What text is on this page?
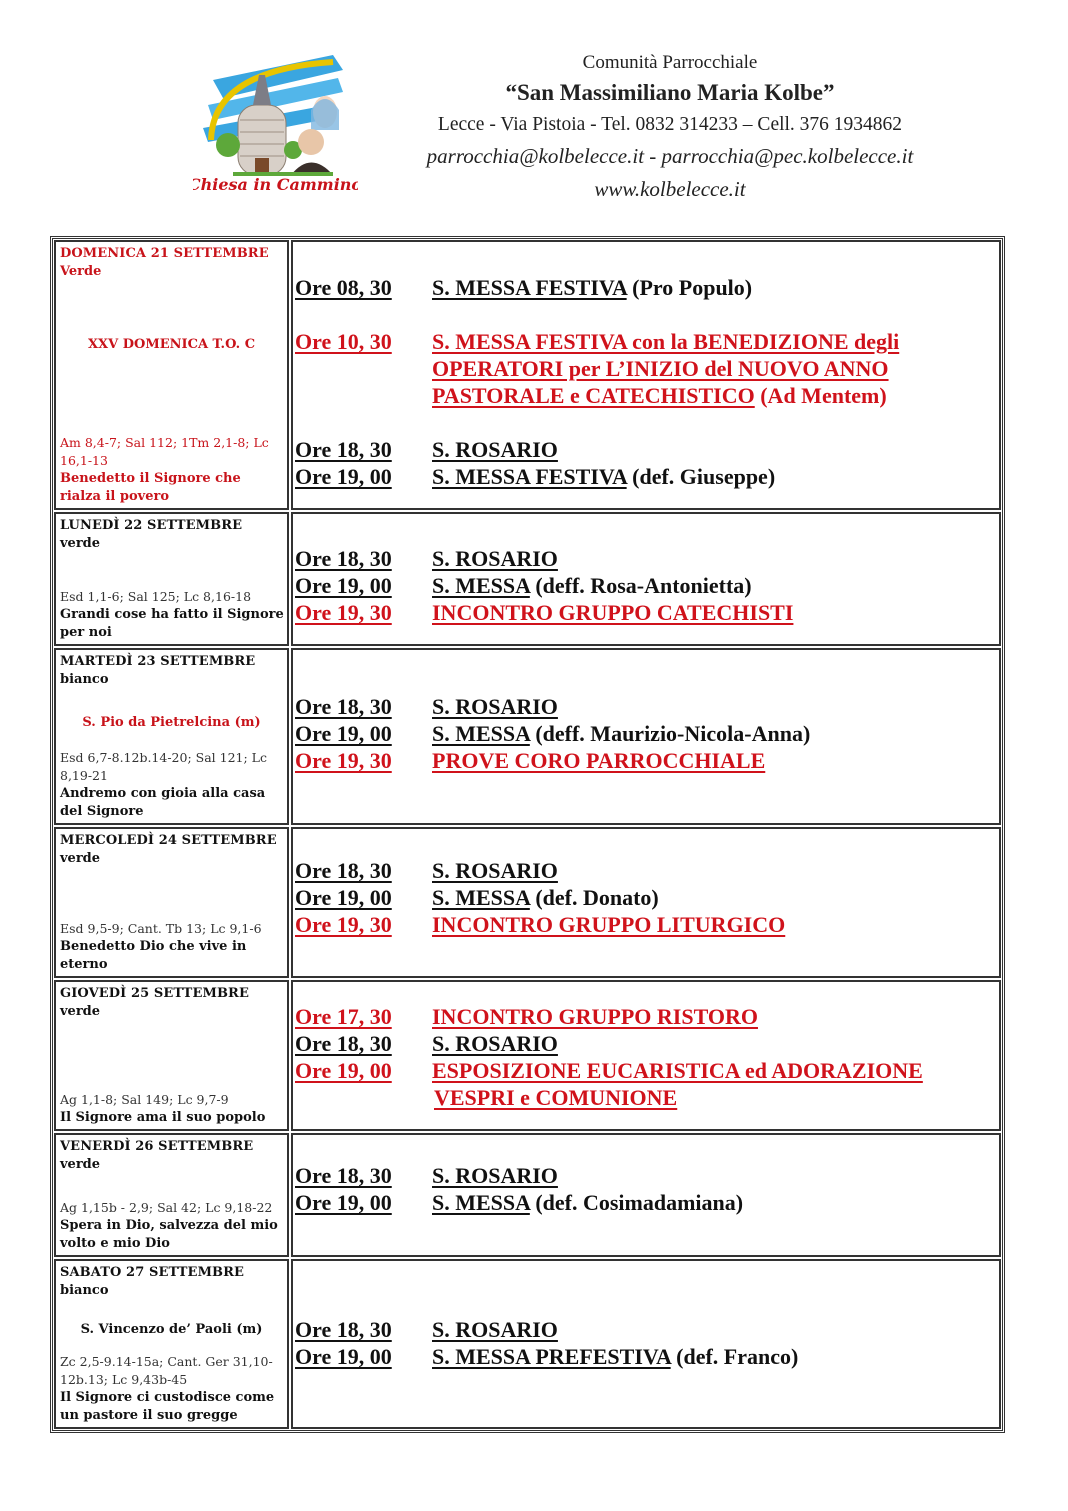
Chiesa in Cammino
Comunità Parrocchiale
“San Massimiliano Maria Kolbe”
Lecce - Via Pistoia - Tel. 0832 314233 – Cell. 376 1934862
parrocchia@kolbelecce.it - parrocchia@pec.kolbelecce.it
www.kolbelecce.it
DOMENICA 21 SETTEMBRE
Verde
XXV DOMENICA T.O. C
Am 8,4-7; Sal 112; 1Tm 2,1-8; Lc 16,1-13
Benedetto il Signore che rialza il povero
Ore 08, 30	S. MESSA FESTIVA (Pro Populo)
Ore 10, 30	S. MESSA FESTIVA con la BENEDIZIONE degli OPERATORI per L’INIZIO del NUOVO ANNO PASTORALE e CATECHISTICO (Ad Mentem)
Ore 18, 30	S. ROSARIO
Ore 19, 00	S. MESSA FESTIVA (def. Giuseppe)
LUNEDÌ 22 SETTEMBRE
verde
Esd 1,1-6; Sal 125; Lc 8,16-18
Grandi cose ha fatto il Signore per noi
Ore 18, 30	S. ROSARIO
Ore 19, 00	S. MESSA (deff. Rosa-Antonietta)
Ore 19, 30	INCONTRO GRUPPO CATECHISTI
MARTEDÌ 23 SETTEMBRE
bianco
S. Pio da Pietrelcina (m)
Esd 6,7-8.12b.14-20; Sal 121; Lc 8,19-21
Andremo con gioia alla casa del Signore
Ore 18, 30	S. ROSARIO
Ore 19, 00	S. MESSA (deff. Maurizio-Nicola-Anna)
Ore 19, 30	PROVE CORO PARROCCHIALE
MERCOLEDÌ 24 SETTEMBRE
verde
Esd 9,5-9; Cant. Tb 13; Lc 9,1-6
Benedetto Dio che vive in eterno
Ore 18, 30	S. ROSARIO
Ore 19, 00	S. MESSA (def. Donato)
Ore 19, 30	INCONTRO GRUPPO LITURGICO
GIOVEDÌ 25 SETTEMBRE
verde
Ag 1,1-8; Sal 149; Lc 9,7-9
Il Signore ama il suo popolo
Ore 17, 30	INCONTRO GRUPPO RISTORO
Ore 18, 30	S. ROSARIO
Ore 19, 00	ESPOSIZIONE EUCARISTICA ed ADORAZIONE
VESPRI e COMUNIONE
VENERDÌ 26 SETTEMBRE
verde
Ag 1,15b - 2,9; Sal 42; Lc 9,18-22
Spera in Dio, salvezza del mio volto e mio Dio
Ore 18, 30	S. ROSARIO
Ore 19, 00	S. MESSA (def. Cosimadamiana)
SABATO 27 SETTEMBRE
bianco
S. Vincenzo de’ Paoli (m)
Zc 2,5-9.14-15a; Cant. Ger 31,10-12b.13; Lc 9,43b-45
Il Signore ci custodisce come un pastore il suo gregge
Ore 18, 30	S. ROSARIO
Ore 19, 00	S. MESSA PREFESTIVA (def. Franco)
